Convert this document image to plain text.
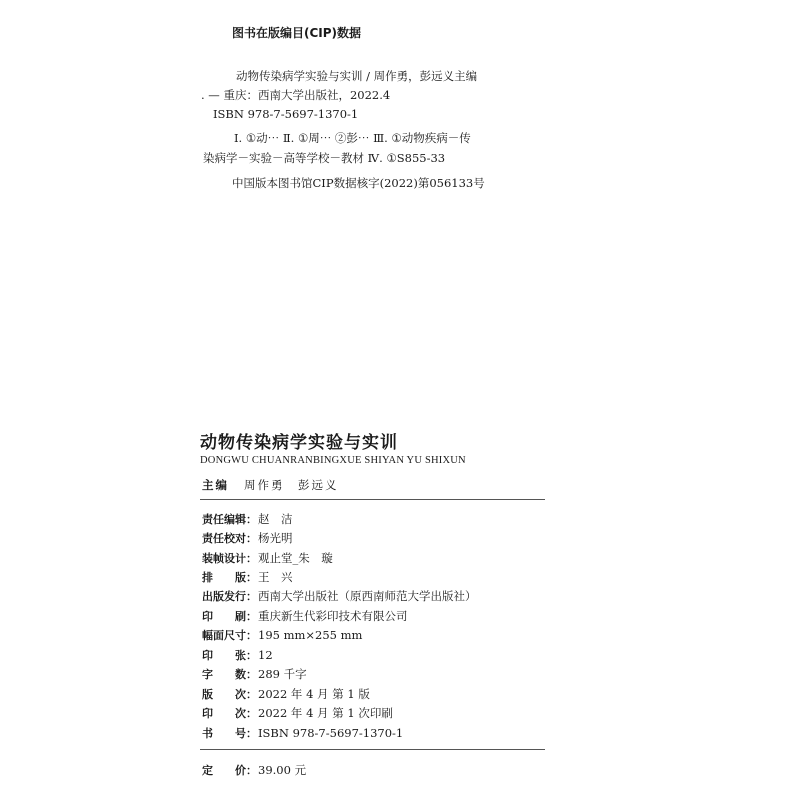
图书在版编目(CIP)数据
动物传染病学实验与实训 / 周作勇，彭远义主编
. — 重庆：西南大学出版社，2022.4
ISBN 978-7-5697-1370-1
Ⅰ. ①动⋯ Ⅱ. ①周⋯ ②彭⋯ Ⅲ. ①动物疾病－传
染病学－实验－高等学校－教材 Ⅳ. ①S855-33
中国版本图书馆CIP数据核字(2022)第056133号
动物传染病学实验与实训
DONGWU CHUANRANBINGXUE SHIYAN YU SHIXUN
主编 周作勇　彭远义
责任编辑： 赵　洁
责任校对： 杨光明
装帧设计： 观止堂_朱　璇
排　　版： 王　兴
出版发行： 西南大学出版社（原西南师范大学出版社）
印　　刷： 重庆新生代彩印技术有限公司
幅面尺寸： 195 mm×255 mm
印　　张： 12
字　　数： 289 千字
版　　次： 2022 年 4 月 第 1 版
印　　次： 2022 年 4 月 第 1 次印刷
书　　号： ISBN 978-7-5697-1370-1
定　　价： 39.00 元
